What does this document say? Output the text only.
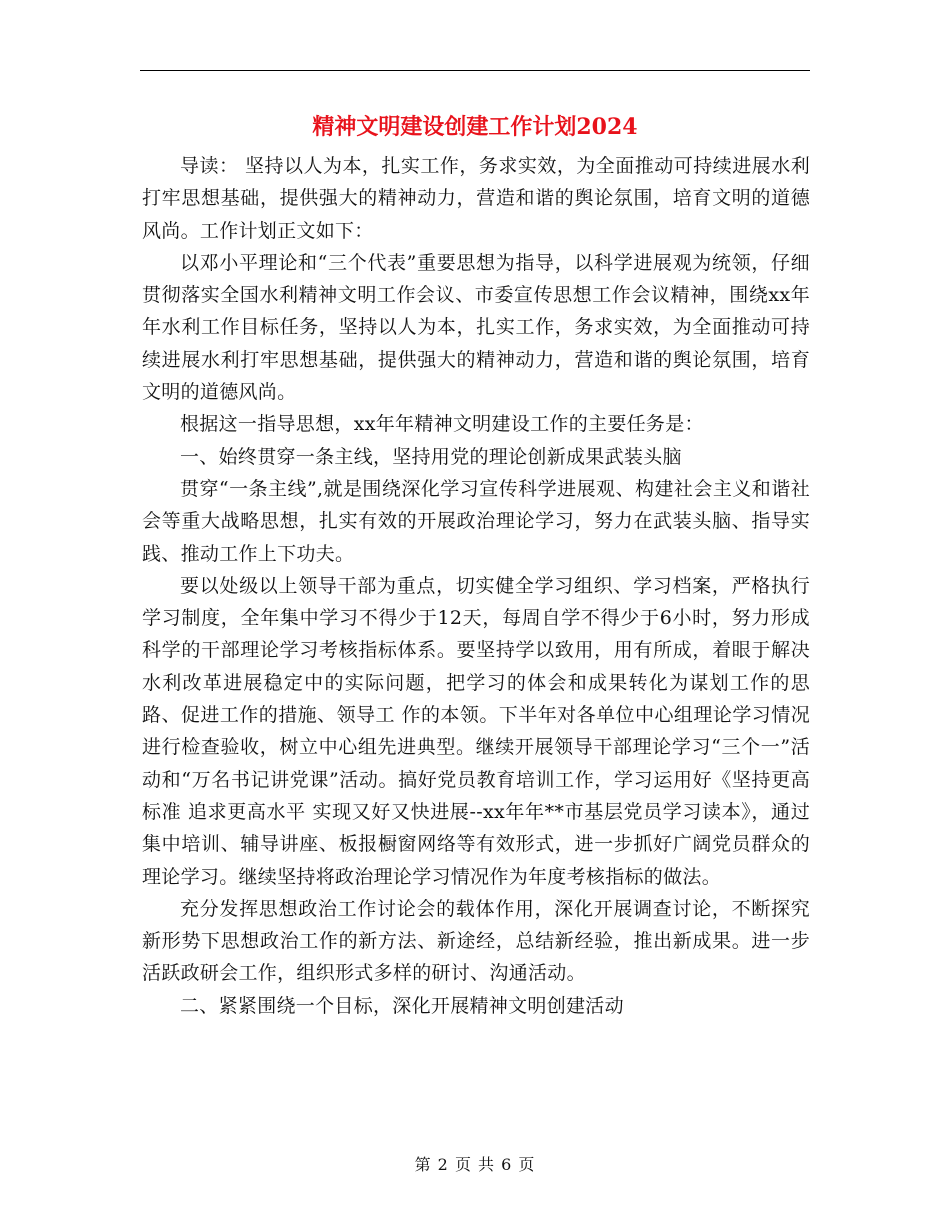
精神文明建设创建工作计划2024

导读： 坚持以人为本，扎实工作，务求实效，为全面推动可持续进展水利打牢思想基础，提供强大的精神动力，营造和谐的舆论氛围，培育文明的道德风尚。工作计划正文如下：

以邓小平理论和“三个代表”重要思想为指导，以科学进展观为统领，仔细贯彻落实全国水利精神文明工作会议、市委宣传思想工作会议精神，围绕xx年年水利工作目标任务，坚持以人为本，扎实工作，务求实效，为全面推动可持续进展水利打牢思想基础，提供强大的精神动力，营造和谐的舆论氛围，培育文明的道德风尚。

根据这一指导思想，xx年年精神文明建设工作的主要任务是：

一、始终贯穿一条主线，坚持用党的理论创新成果武装头脑

贯穿“一条主线”,就是围绕深化学习宣传科学进展观、构建社会主义和谐社会等重大战略思想，扎实有效的开展政治理论学习，努力在武装头脑、指导实践、推动工作上下功夫。

要以处级以上领导干部为重点，切实健全学习组织、学习档案，严格执行学习制度，全年集中学习不得少于12天，每周自学不得少于6小时，努力形成科学的干部理论学习考核指标体系。要坚持学以致用，用有所成，着眼于解决水利改革进展稳定中的实际问题，把学习的体会和成果转化为谋划工作的思路、促进工作的措施、领导工 作的本领。下半年对各单位中心组理论学习情况进行检查验收，树立中心组先进典型。继续开展领导干部理论学习“三个一”活动和“万名书记讲党课”活动。搞好党员教育培训工作，学习运用好《坚持更高标准 追求更高水平 实现又好又快进展--xx年年**市基层党员学习读本》，通过集中培训、辅导讲座、板报橱窗网络等有效形式，进一步抓好广阔党员群众的理论学习。继续坚持将政治理论学习情况作为年度考核指标的做法。

充分发挥思想政治工作讨论会的载体作用，深化开展调查讨论，不断探究新形势下思想政治工作的新方法、新途经，总结新经验，推出新成果。进一步活跃政研会工作，组织形式多样的研讨、沟通活动。

二、紧紧围绕一个目标，深化开展精神文明创建活动

第 2 页 共 6 页
